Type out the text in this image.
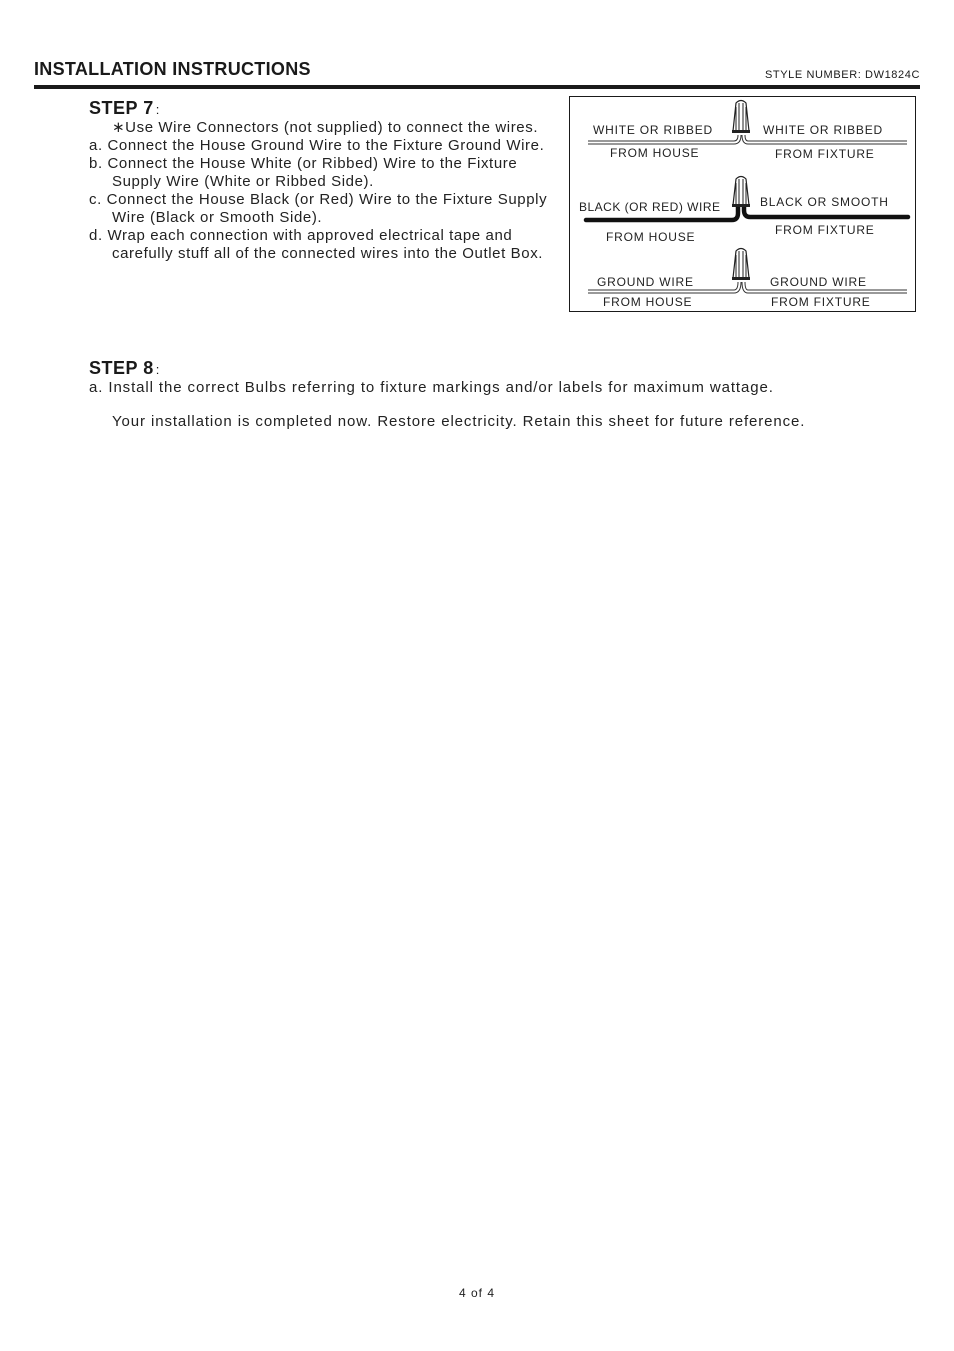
INSTALLATION INSTRUCTIONS	STYLE NUMBER: DW1824C
STEP 7 :

∗Use Wire Connectors (not supplied) to connect the wires.

a. Connect the House Ground Wire to the Fixture Ground Wire.

b. Connect the House White (or Ribbed) Wire to the Fixture Supply Wire (White or Ribbed Side).

c. Connect the House Black (or Red) Wire to the Fixture Supply Wire (Black or Smooth Side).

d. Wrap each connection with approved electrical tape and carefully stuff all of the connected wires into the Outlet Box.

WHITE OR RIBBED
FROM HOUSE
WHITE OR RIBBED
FROM FIXTURE
BLACK (OR RED) WIRE
FROM HOUSE
BLACK OR SMOOTH
FROM FIXTURE
GROUND WIRE
FROM HOUSE
GROUND WIRE
FROM FIXTURE
STEP 8 :
a. Install the correct Bulbs referring to fixture markings and/or labels for maximum wattage.
Your installation is completed now. Restore electricity. Retain this sheet for future reference.
4 of 4
